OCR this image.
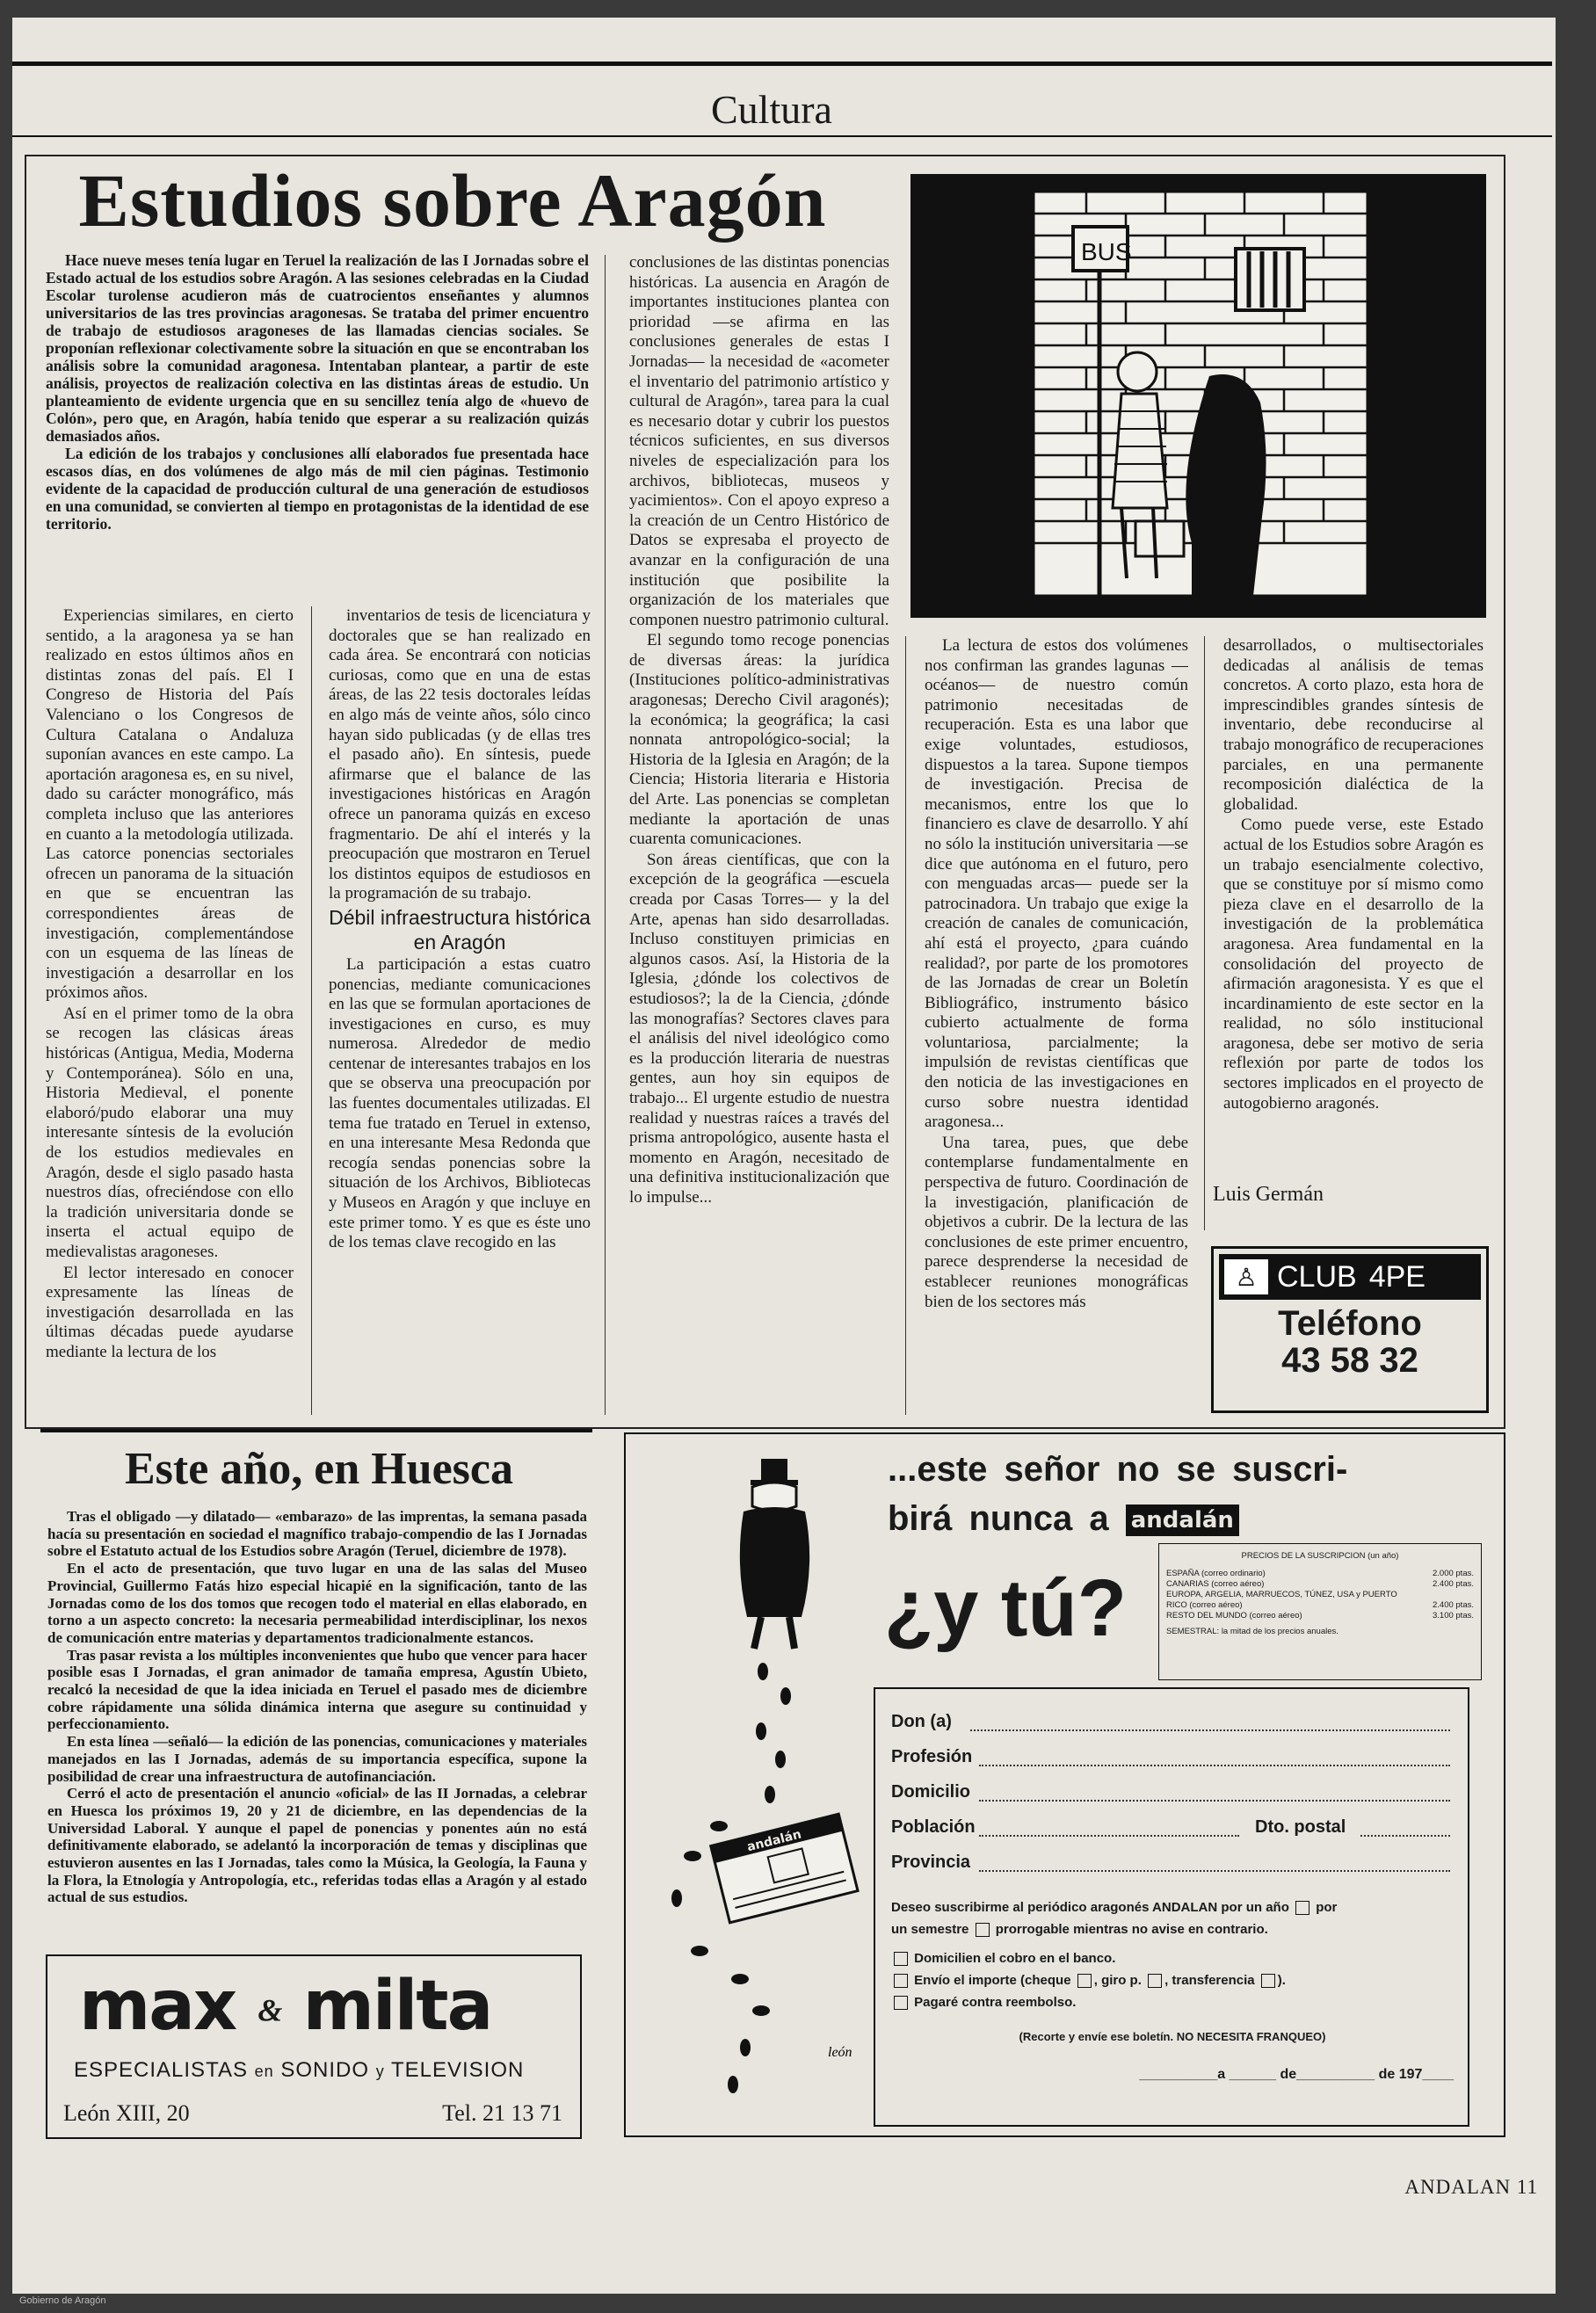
Cultura
Estudios sobre Aragón

Hace nueve meses tenía lugar en Teruel la realización de las I Jornadas sobre el Estado actual de los estudios sobre Aragón. A las sesiones celebradas en la Ciudad Escolar turolense acudieron más de cuatrocientos enseñantes y alumnos universitarios de las tres provincias aragonesas. Se trataba del primer encuentro de trabajo de estudiosos aragoneses de las llamadas ciencias sociales. Se proponían reflexionar colectivamente sobre la situación en que se encontraban los análisis sobre la comunidad aragonesa. Intentaban plantear, a partir de este análisis, proyectos de realización colectiva en las distintas áreas de estudio. Un planteamiento de evidente urgencia que en su sencillez tenía algo de «huevo de Colón», pero que, en Aragón, había tenido que esperar a su realización quizás demasiados años.

La edición de los trabajos y conclusiones allí elaborados fue presentada hace escasos días, en dos volúmenes de algo más de mil cien páginas. Testimonio evidente de la capacidad de producción cultural de una generación de estudiosos en una comunidad, se convierten al tiempo en protagonistas de la identidad de ese territorio.

Experiencias similares, en cierto sentido, a la aragonesa ya se han realizado en estos últimos años en distintas zonas del país. El I Congreso de Historia del País Valenciano o los Congresos de Cultura Catalana o Andaluza suponían avances en este campo. La aportación aragonesa es, en su nivel, dado su carácter monográfico, más completa incluso que las anteriores en cuanto a la metodología utilizada. Las catorce ponencias sectoriales ofrecen un panorama de la situación en que se encuentran las correspondientes áreas de investigación, complementándose con un esquema de las líneas de investigación a desarrollar en los próximos años.

Así en el primer tomo de la obra se recogen las clásicas áreas históricas (Antigua, Media, Moderna y Contemporánea). Sólo en una, Historia Medieval, el ponente elaboró/pudo elaborar una muy interesante síntesis de la evolución de los estudios medievales en Aragón, desde el siglo pasado hasta nuestros días, ofreciéndose con ello la tradición universitaria donde se inserta el actual equipo de medievalistas aragoneses.

El lector interesado en conocer expresamente las líneas de investigación desarrollada en las últimas décadas puede ayudarse mediante la lectura de los

inventarios de tesis de licenciatura y doctorales que se han realizado en cada área. Se encontrará con noticias curiosas, como que en una de estas áreas, de las 22 tesis doctorales leídas en algo más de veinte años, sólo cinco hayan sido publicadas (y de ellas tres el pasado año). En síntesis, puede afirmarse que el balance de las investigaciones históricas en Aragón ofrece un panorama quizás en exceso fragmentario. De ahí el interés y la preocupación que mostraron en Teruel los distintos equipos de estudiosos en la programación de su trabajo.

Débil infraestructura histórica en Aragón

La participación a estas cuatro ponencias, mediante comunicaciones en las que se formulan aportaciones de investigaciones en curso, es muy numerosa. Alrededor de medio centenar de interesantes trabajos en los que se observa una preocupación por las fuentes documentales utilizadas. El tema fue tratado en Teruel in extenso, en una interesante Mesa Redonda que recogía sendas ponencias sobre la situación de los Archivos, Bibliotecas y Museos en Aragón y que incluye en este primer tomo. Y es que es éste uno de los temas clave recogido en las

conclusiones de las distintas ponencias históricas. La ausencia en Aragón de importantes instituciones plantea con prioridad —se afirma en las conclusiones generales de estas I Jornadas— la necesidad de «acometer el inventario del patrimonio artístico y cultural de Aragón», tarea para la cual es necesario dotar y cubrir los puestos técnicos suficientes, en sus diversos niveles de especialización para los archivos, bibliotecas, museos y yacimientos». Con el apoyo expreso a la creación de un Centro Histórico de Datos se expresaba el proyecto de avanzar en la configuración de una institución que posibilite la organización de los materiales que componen nuestro patrimonio cultural.

El segundo tomo recoge ponencias de diversas áreas: la jurídica (Instituciones político-administrativas aragonesas; Derecho Civil aragonés); la económica; la geográfica; la casi nonnata antropológico-social; la Historia de la Iglesia en Aragón; de la Ciencia; Historia literaria e Historia del Arte. Las ponencias se completan mediante la aportación de unas cuarenta comunicaciones.

Son áreas científicas, que con la excepción de la geográfica —escuela creada por Casas Torres— y la del Arte, apenas han sido desarrolladas. Incluso constituyen primicias en algunos casos. Así, la Historia de la Iglesia, ¿dónde los colectivos de estudiosos?; la de la Ciencia, ¿dónde las monografías? Sectores claves para el análisis del nivel ideológico como es la producción literaria de nuestras gentes, aun hoy sin equipos de trabajo... El urgente estudio de nuestra realidad y nuestras raíces a través del prisma antropológico, ausente hasta el momento en Aragón, necesitado de una definitiva institucionalización que lo impulse...

La lectura de estos dos volúmenes nos confirman las grandes lagunas —océanos— de nuestro común patrimonio necesitadas de recuperación. Esta es una labor que exige voluntades, estudiosos, dispuestos a la tarea. Supone tiempos de investigación. Precisa de mecanismos, entre los que lo financiero es clave de desarrollo. Y ahí no sólo la institución universitaria —se dice que autónoma en el futuro, pero con menguadas arcas— puede ser la patrocinadora. Un trabajo que exige la creación de canales de comunicación, ahí está el proyecto, ¿para cuándo realidad?, por parte de los promotores de las Jornadas de crear un Boletín Bibliográfico, instrumento básico cubierto actualmente de forma voluntariosa, parcialmente; la impulsión de revistas científicas que den noticia de las investigaciones en curso sobre nuestra identidad aragonesa...

Una tarea, pues, que debe contemplarse fundamentalmente en perspectiva de futuro. Coordinación de la investigación, planificación de objetivos a cubrir. De la lectura de las conclusiones de este primer encuentro, parece desprenderse la necesidad de establecer reuniones monográficas bien de los sectores más

desarrollados, o multisectoriales dedicadas al análisis de temas concretos. A corto plazo, esta hora de imprescindibles grandes síntesis de inventario, debe reconducirse al trabajo monográfico de recuperaciones parciales, en una permanente recomposición dialéctica de la globalidad.

Como puede verse, este Estado actual de los Estudios sobre Aragón es un trabajo esencialmente colectivo, que se constituye por sí mismo como pieza clave en el desarrollo de la investigación de la problemática aragonesa. Area fundamental en la consolidación del proyecto de afirmación aragonesista. Y es que el incardinamiento de este sector en la realidad, no sólo institucional aragonesa, debe ser motivo de seria reflexión por parte de todos los sectores implicados en el proyecto de autogobierno aragonés.

Luis Germán
BUS
♙ CLUB 4PE
Teléfono
43 58 32
Este año, en Huesca

Tras el obligado —y dilatado— «embarazo» de las imprentas, la semana pasada hacía su presentación en sociedad el magnífico trabajo-compendio de las I Jornadas sobre el Estatuto actual de los Estudios sobre Aragón (Teruel, diciembre de 1978).

En el acto de presentación, que tuvo lugar en una de las salas del Museo Provincial, Guillermo Fatás hizo especial hicapié en la significación, tanto de las Jornadas como de los dos tomos que recogen todo el material en ellas elaborado, en torno a un aspecto concreto: la necesaria permeabilidad interdisciplinar, los nexos de comunicación entre materias y departamentos tradicionalmente estancos.

Tras pasar revista a los múltiples inconvenientes que hubo que vencer para hacer posible esas I Jornadas, el gran animador de tamaña empresa, Agustín Ubieto, recalcó la necesidad de que la idea iniciada en Teruel el pasado mes de diciembre cobre rápidamente una sólida dinámica interna que asegure su continuidad y perfeccionamiento.

En esta línea —señaló— la edición de las ponencias, comunicaciones y materiales manejados en las I Jornadas, además de su importancia específica, supone la posibilidad de crear una infraestructura de autofinanciación.

Cerró el acto de presentación el anuncio «oficial» de las II Jornadas, a celebrar en Huesca los próximos 19, 20 y 21 de diciembre, en las dependencias de la Universidad Laboral. Y aunque el papel de ponencias y ponentes aún no está definitivamente elaborado, se adelantó la incorporación de temas y disciplinas que estuvieron ausentes en las I Jornadas, tales como la Música, la Geología, la Fauna y la Flora, la Etnología y Antropología, etc., referidas todas ellas a Aragón y al estado actual de sus estudios.

max & milta
ESPECIALISTAS en SONIDO y TELEVISION
León XIII, 20	Tel. 21 13 71
andalán
león
...este señor no se suscri-
birá nunca a andalán
¿y tú?
PRECIOS DE LA SUSCRIPCION (un año)
ESPAÑA (correo ordinario)	2.000 ptas.
CANARIAS (correo aéreo)	2.400 ptas.
EUROPA, ARGELIA, MARRUECOS, TÚNEZ, USA y PUERTO RICO (correo aéreo)	2.400 ptas.
RESTO DEL MUNDO (correo aéreo)	3.100 ptas.
SEMESTRAL: la mitad de los precios anuales.
Don (a)
Profesión
Domicilio
Población	Dto. postal
Provincia
Deseo suscribirme al periódico aragonés ANDALAN por un año por
un semestre prorrogable mientras no avise en contrario.
Domicilien el cobro en el banco.
Envío el importe (cheque , giro p. , transferencia ).
Pagaré contra reembolso.
(Recorte y envíe ese boletín. NO NECESITA FRANQUEO)
__________a ______ de__________ de 197____
ANDALAN 11
Gobierno de Aragón
